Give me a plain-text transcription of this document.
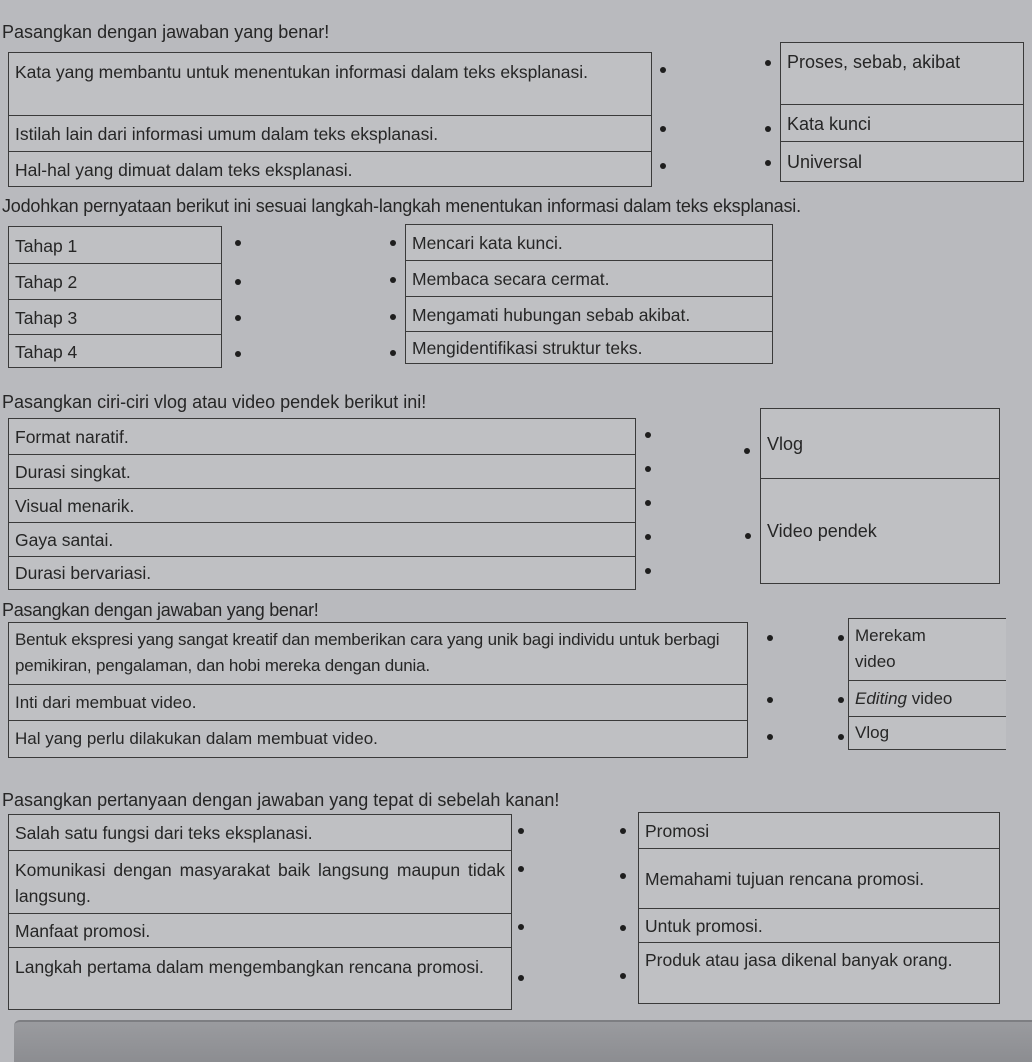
Pasangkan dengan jawaban yang benar!
Kata yang membantu untuk menentukan informasi dalam teks eksplanasi.
Istilah lain dari informasi umum dalam teks eksplanasi.
Hal-hal yang dimuat dalam teks eksplanasi.
Proses, sebab, akibat
Kata kunci
Universal
Jodohkan pernyataan berikut ini sesuai langkah-langkah menentukan informasi dalam teks eksplanasi.
Tahap 1
Tahap 2
Tahap 3
Tahap 4
Mencari kata kunci.
Membaca secara cermat.
Mengamati hubungan sebab akibat.
Mengidentifikasi struktur teks.
Pasangkan ciri-ciri vlog atau video pendek berikut ini!
Format naratif.
Durasi singkat.
Visual menarik.
Gaya santai.
Durasi bervariasi.
Vlog
Video pendek
Pasangkan dengan jawaban yang benar!
Bentuk ekspresi yang sangat kreatif dan memberikan cara yang unik bagi individu untuk berbagi pemikiran, pengalaman, dan hobi mereka dengan dunia.
Inti dari membuat video.
Hal yang perlu dilakukan dalam membuat video.
Merekam video
Editing video
Vlog
Pasangkan pertanyaan dengan jawaban yang tepat di sebelah kanan!
Salah satu fungsi dari teks eksplanasi.
Komunikasi dengan masyarakat baik langsung maupun tidak langsung.
Manfaat promosi.
Langkah pertama dalam mengembangkan rencana promosi.
Promosi
Memahami tujuan rencana promosi.
Untuk promosi.
Produk atau jasa dikenal banyak orang.
